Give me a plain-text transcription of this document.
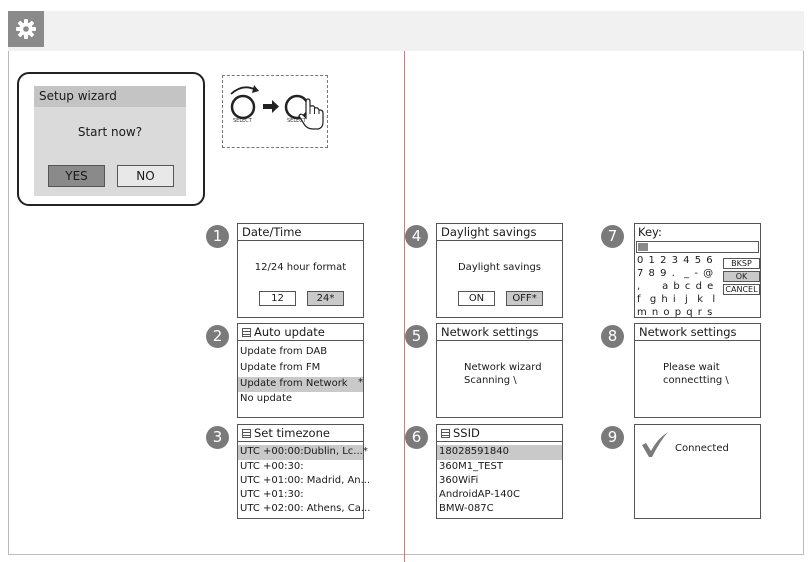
Setup wizard
Start now?
YES	NO
SELECT	SELECT
1	Date/Time
12/24 hour format
12	24*
2	Auto update
Update from DAB
Update from FM
Update from Network *
No update
3	Set timezone
UTC +00:00:Dublin, Lc...*
UTC +00:30:
UTC +01:00: Madrid, An...
UTC +01:30:
UTC +02:00: Athens, Ca...
4	Daylight savings
Daylight savings
ON	OFF*
5	Network settings
Network wizard
Scanning \
6	SSID
18028591840
360M1_TEST
360WiFi
AndroidAP-140C
BMW-087C
7	Key:
0 1 2 3 4 5 6
7 8 9 .  _ - @
,     a b c d e
f  g h i  j  k  l
m n o p q r s
BKSP
OK
CANCEL
8	Network settings
Please wait
connectting \
9
Connected
